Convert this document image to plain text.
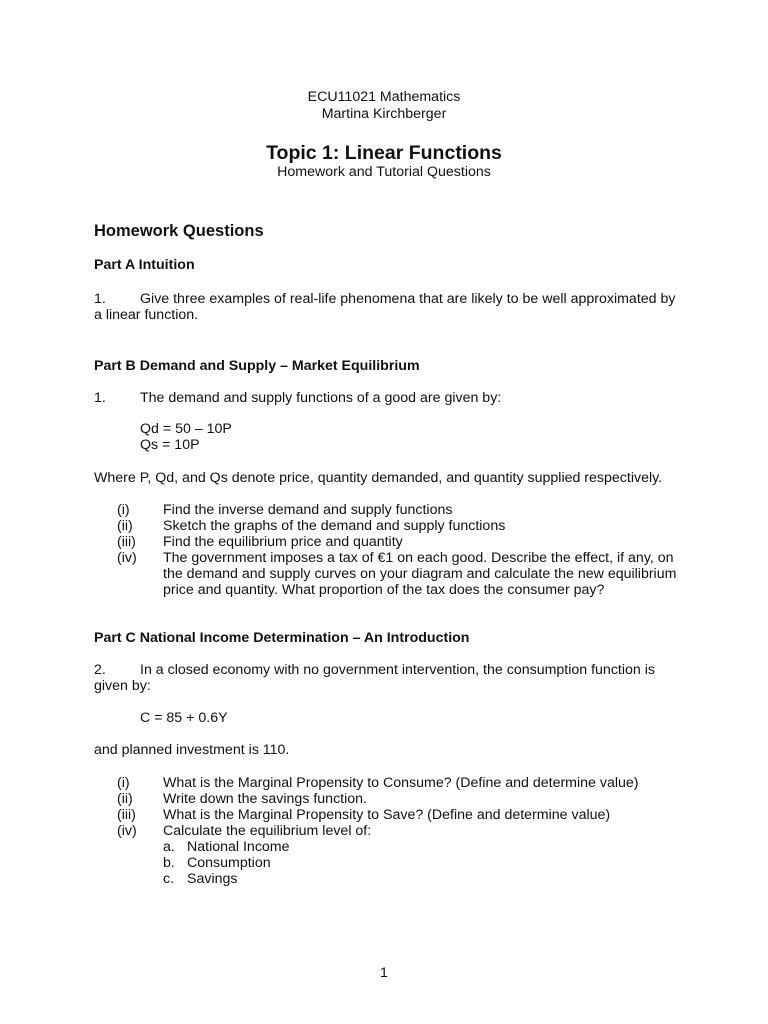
ECU11021 Mathematics
Martina Kirchberger
Topic 1: Linear Functions
Homework and Tutorial Questions
Homework Questions
Part A Intuition
1. Give three examples of real-life phenomena that are likely to be well approximated by
a linear function.
Part B Demand and Supply – Market Equilibrium
1. The demand and supply functions of a good are given by:
Qd = 50 – 10P
Qs = 10P
Where P, Qd, and Qs denote price, quantity demanded, and quantity supplied respectively.
(i)	Find the inverse demand and supply functions
(ii)	Sketch the graphs of the demand and supply functions
(iii)	Find the equilibrium price and quantity
(iv)	The government imposes a tax of €1 on each good. Describe the effect, if any, on
the demand and supply curves on your diagram and calculate the new equilibrium
price and quantity. What proportion of the tax does the consumer pay?
Part C National Income Determination – An Introduction
2. In a closed economy with no government intervention, the consumption function is
given by:
C = 85 + 0.6Y
and planned investment is 110.
(i)	What is the Marginal Propensity to Consume? (Define and determine value)
(ii)	Write down the savings function.
(iii)	What is the Marginal Propensity to Save? (Define and determine value)
(iv)	Calculate the equilibrium level of:
a. National Income
b. Consumption
c. Savings
1
